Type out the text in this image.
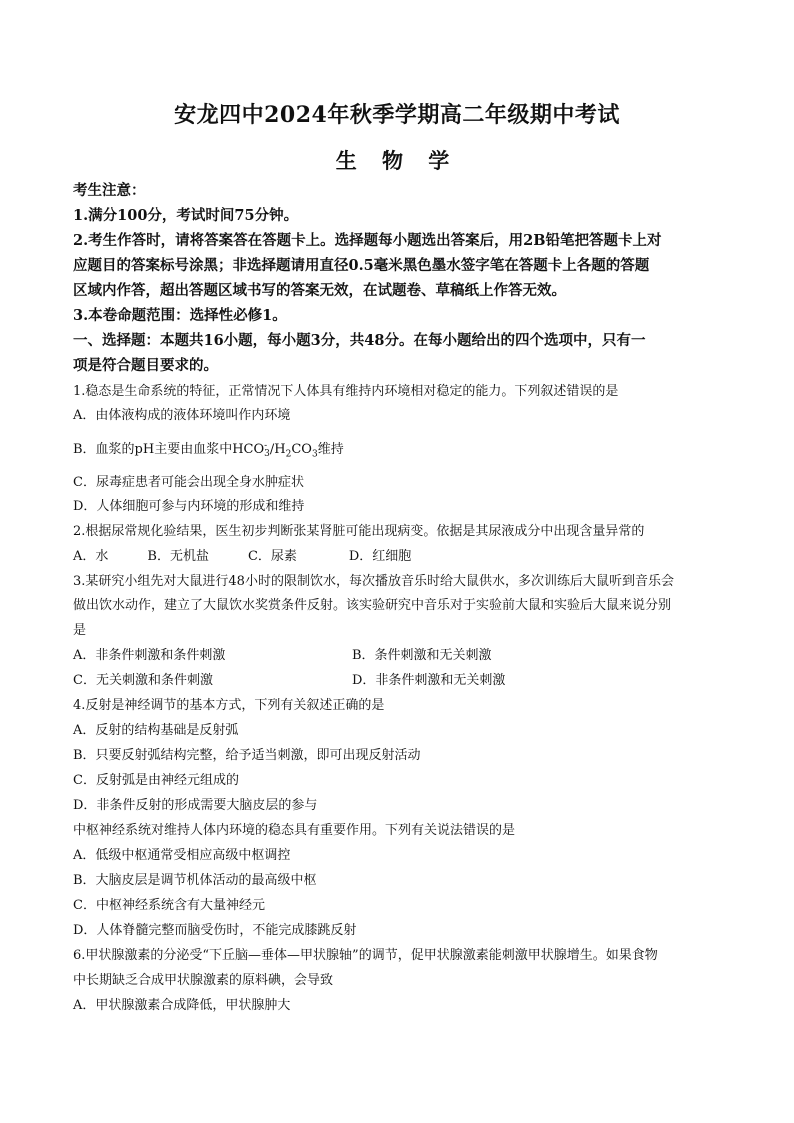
安龙四中2024年秋季学期高二年级期中考试
生 物 学
考生注意：
1.满分100分，考试时间75分钟。
2.考生作答时，请将答案答在答题卡上。选择题每小题选出答案后，用2B铅笔把答题卡上对
应题目的答案标号涂黑；非选择题请用直径0.5毫米黑色墨水签字笔在答题卡上各题的答题
区域内作答，超出答题区域书写的答案无效，在试题卷、草稿纸上作答无效。
3.本卷命题范围：选择性必修1。
一、选择题：本题共16小题，每小题3分，共48分。在每小题给出的四个选项中，只有一
项是符合题目要求的。
1.稳态是生命系统的特征，正常情况下人体具有维持内环境相对稳定的能力。下列叙述错误的是
A．由体液构成的液体环境叫作内环境
B．血浆的pH主要由血浆中HCO -
3 $/H_2CO_3$维持
C．尿毒症患者可能会出现全身水肿症状
D．人体细胞可参与内环境的形成和维持
2.根据尿常规化验结果，医生初步判断张某肾脏可能出现病变。依据是其尿液成分中出现含量异常的
A．水　　　B．无机盐　　　C．尿素　　　　D．红细胞
3.某研究小组先对大鼠进行48小时的限制饮水，每次播放音乐时给大鼠供水，多次训练后大鼠听到音乐会
做出饮水动作，建立了大鼠饮水奖赏条件反射。该实验研究中音乐对于实验前大鼠和实验后大鼠来说分别
是
A．非条件刺激和条件刺激	B．条件刺激和无关刺激
C．无关刺激和条件刺激	D．非条件刺激和无关刺激
4.反射是神经调节的基本方式，下列有关叙述正确的是
A．反射的结构基础是反射弧
B．只要反射弧结构完整，给予适当刺激，即可出现反射活动
C．反射弧是由神经元组成的
D．非条件反射的形成需要大脑皮层的参与
中枢神经系统对维持人体内环境的稳态具有重要作用。下列有关说法错误的是
A．低级中枢通常受相应高级中枢调控
B．大脑皮层是调节机体活动的最高级中枢
C．中枢神经系统含有大量神经元
D．人体脊髓完整而脑受伤时，不能完成膝跳反射
6.甲状腺激素的分泌受“下丘脑—垂体—甲状腺轴”的调节，促甲状腺激素能刺激甲状腺增生。如果食物
中长期缺乏合成甲状腺激素的原料碘，会导致
A．甲状腺激素合成降低，甲状腺肿大
